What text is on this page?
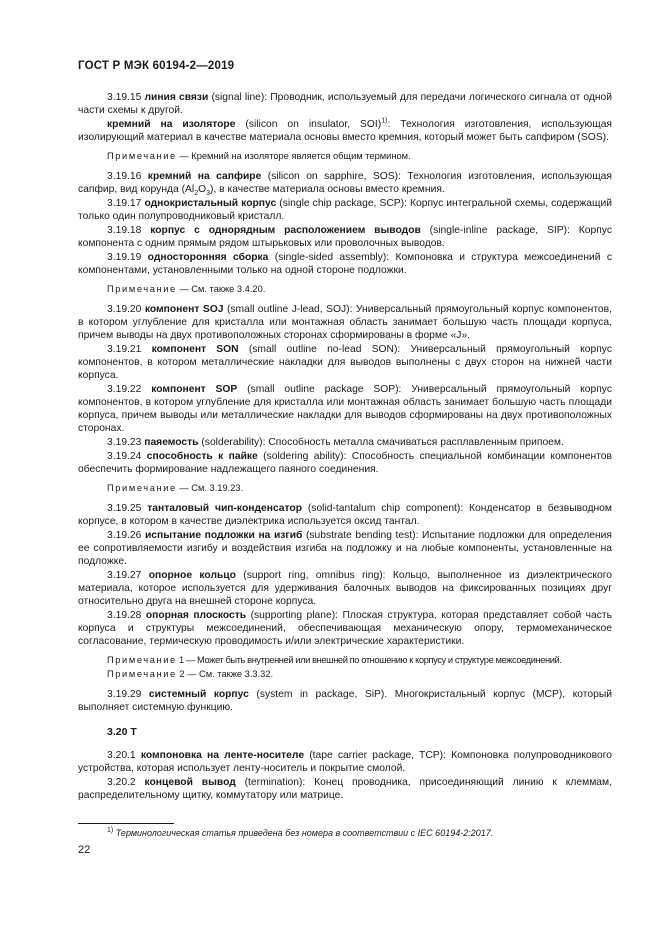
ГОСТ Р МЭК 60194-2—2019

3.19.15 линия связи (signal line): Проводник, используемый для передачи логического сигнала от одной части схемы к другой.

кремний на изоляторе (silicon on insulator, SOI)$^{1)}$: Технология изготовления, использующая изолирующий материал в качестве материала основы вместо кремния, который может быть сапфиром (SOS).

Примечание — Кремний на изоляторе является общим термином.

3.19.16 кремний на сапфире (silicon on sapphire, SOS): Технология изготовления, использующая сапфир, вид корунда $(Al_2O_3)$, в качестве материала основы вместо кремния.

3.19.17 однокристальный корпус (single chip package, SCP): Корпус интегральной схемы, содержащий только один полупроводниковый кристалл.

3.19.18 корпус с однорядным расположением выводов (single-inline package, SIP): Корпус компонента с одним прямым рядом штырьковых или проволочных выводов.

3.19.19 односторонняя сборка (single-sided assembly): Компоновка и структура межсоединений с компонентами, установленными только на одной стороне подложки.

Примечание — См. также 3.4.20.

3.19.20 компонент SOJ (small outline J-lead, SOJ): Универсальный прямоугольный корпус компонентов, в котором углубление для кристалла или монтажная область занимает большую часть площади корпуса, причем выводы на двух противоположных сторонах сформированы в форме «J».

3.19.21 компонент SON (small outline no-lead SON): Универсальный прямоугольный корпус компонентов, в котором металлические накладки для выводов выполнены с двух сторон на нижней части корпуса.

3.19.22 компонент SOP (small outline package SOP): Универсальный прямоугольный корпус компонентов, в котором углубление для кристалла или монтажная область занимает большую часть площади корпуса, причем выводы или металлические накладки для выводов сформированы на двух противоположных сторонах.

3.19.23 паяемость (solderability): Способность металла смачиваться расплавленным припоем.

3.19.24 способность к пайке (soldering ability): Способность специальной комбинации компонентов обеспечить формирование надлежащего паяного соединения.

Примечание — См. 3.19.23.

3.19.25 танталовый чип-конденсатор (solid-tantalum chip component): Конденсатор в безвыводном корпусе, в котором в качестве диэлектрика используется оксид тантал.

3.19.26 испытание подложки на изгиб (substrate bending test): Испытание подложки для определения ее сопротивляемости изгибу и воздействия изгиба на подложку и на любые компоненты, установленные на подложке.

3.19.27 опорное кольцо (support ring, omnibus ring): Кольцо, выполненное из диэлектрического материала, которое используется для удерживания балочных выводов на фиксированных позициях друг относительно друга на внешней стороне корпуса.

3.19.28 опорная плоскость (supporting plane): Плоская структура, которая представляет собой часть корпуса и структуры межсоединений, обеспечивающая механическую опору, термомеханическое согласование, термическую проводимость и/или электрические характеристики.

Примечание 1 — Может быть внутренней или внешней по отношению к корпусу и структуре межсоединений.

Примечание 2 — См. также 3.3.32.

3.19.29 системный корпус (system in package, SiP). Многокристальный корпус (MCP), который выполняет системную функцию.

3.20 T

3.20.1 компоновка на ленте-носителе (tape carrier package, TCP): Компоновка полупроводникового устройства, которая использует ленту-носитель и покрытие смолой.

3.20.2 концевой вывод (termination): Конец проводника, присоединяющий линию к клеммам, распределительному щитку, коммутатору или матрице.

$^{1)}$ Терминологическая статья приведена без номера в соответствии с IEC 60194-2:2017.
22
